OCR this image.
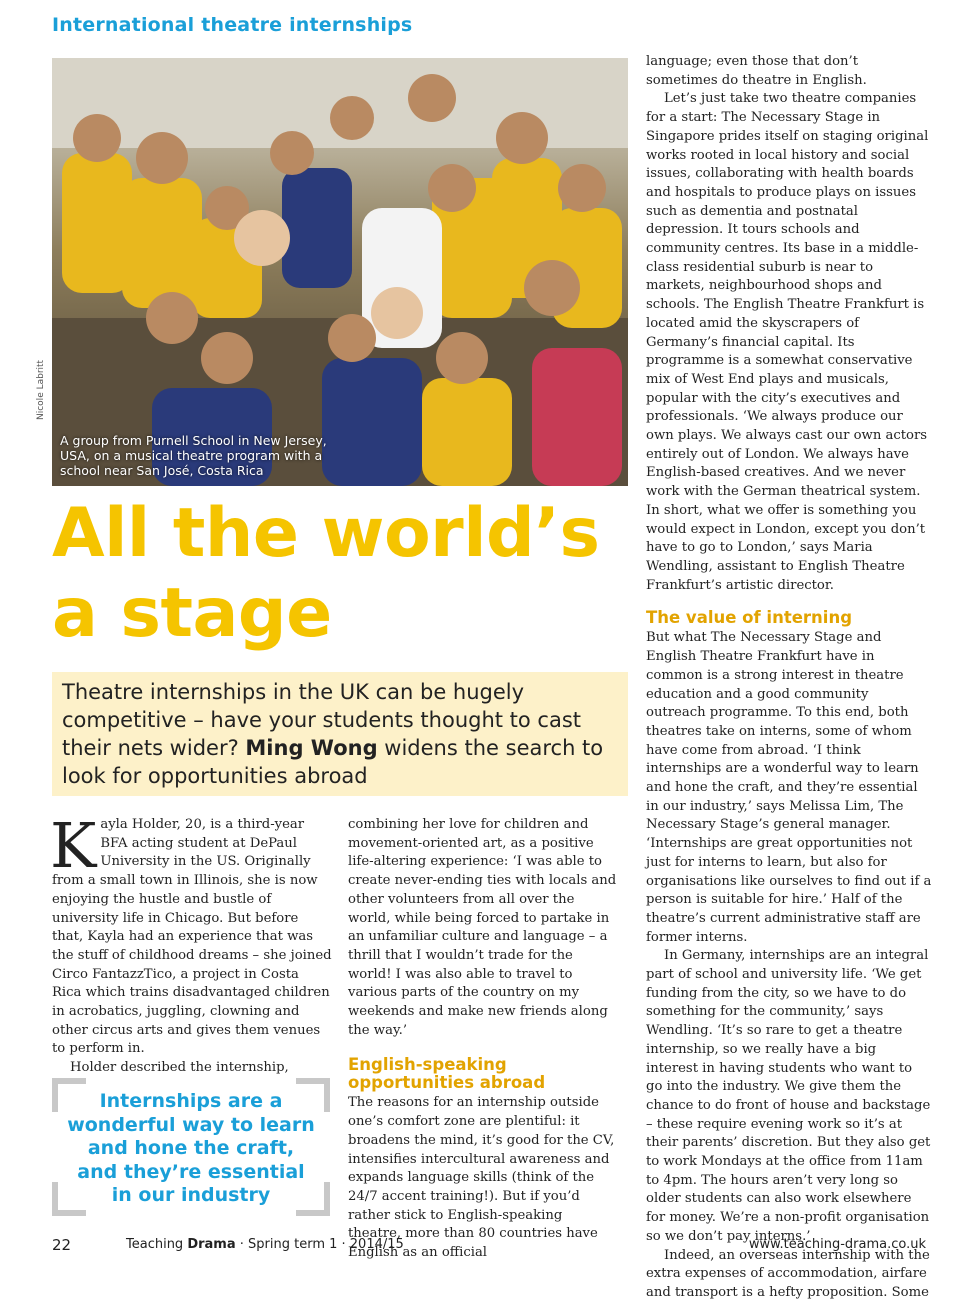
International theatre internships
A group from Purnell School in New Jersey, USA, on a musical theatre program with a school near San José, Costa Rica
Nicole Labritt
All the world’s
a stage
Theatre internships in the UK can be hugely competitive – have your students thought to cast their nets wider? Ming Wong widens the search to look for opportunities abroad

Kayla Holder, 20, is a third-year BFA acting student at DePaul University in the US. Originally from a small town in Illinois, she is now enjoying the hustle and bustle of university life in Chicago. But before that, Kayla had an experience that was the stuff of childhood dreams – she joined Circo FantazzTico, a project in Costa Rica which trains disadvantaged children in acrobatics, juggling, clowning and other circus arts and gives them venues to perform in.

Holder described the internship,

Internships are a wonderful way to learn and hone the craft, and they’re essential in our industry

combining her love for children and movement-oriented art, as a positive life-altering experience: ‘I was able to create never-ending ties with locals and other volunteers from all over the world, while being forced to partake in an unfamiliar culture and language – a thrill that I wouldn’t trade for the world! I was also able to travel to various parts of the country on my weekends and make new friends along the way.’

English-speaking opportunities abroad

The reasons for an internship outside one’s comfort zone are plentiful: it broadens the mind, it’s good for the CV, intensifies intercultural awareness and expands language skills (think of the 24/7 accent training!). But if you’d rather stick to English-speaking theatre, more than 80 countries have English as an official

language; even those that don’t sometimes do theatre in English.

Let’s just take two theatre companies for a start: The Necessary Stage in Singapore prides itself on staging original works rooted in local history and social issues, collaborating with health boards and hospitals to produce plays on issues such as dementia and postnatal depression. It tours schools and community centres. Its base in a middle-class residential suburb is near to markets, neighbourhood shops and schools. The English Theatre Frankfurt is located amid the skyscrapers of Germany’s financial capital. Its programme is a somewhat conservative mix of West End plays and musicals, popular with the city’s executives and professionals. ‘We always produce our own plays. We always cast our own actors entirely out of London. We always have English-based creatives. And we never work with the German theatrical system. In short, what we offer is something you would expect in London, except you don’t have to go to London,’ says Maria Wendling, assistant to English Theatre Frankfurt’s artistic director.

The value of interning

But what The Necessary Stage and English Theatre Frankfurt have in common is a strong interest in theatre education and a good community outreach programme. To this end, both theatres take on interns, some of whom have come from abroad. ‘I think internships are a wonderful way to learn and hone the craft, and they’re essential in our industry,’ says Melissa Lim, The Necessary Stage’s general manager. ‘Internships are great opportunities not just for interns to learn, but also for organisations like ourselves to find out if a person is suitable for hire.’ Half of the theatre’s current administrative staff are former interns.

In Germany, internships are an integral part of school and university life. ‘We get funding from the city, so we have to do something for the community,’ says Wendling. ‘It’s so rare to get a theatre internship, so we really have a big interest in having students who want to go into the industry. We give them the chance to do front of house and backstage – these require evening work so it’s at their parents’ discretion. But they also get to work Mondays at the office from 11am to 4pm. The hours aren’t very long so older students can also work elsewhere for money. We’re a non-profit organisation so we don’t pay interns.’

Indeed, an overseas internship with the extra expenses of accommodation, airfare and transport is a hefty proposition. Some

22	Teaching Drama · Spring term 1 · 2014/15	www.teaching-drama.co.uk
